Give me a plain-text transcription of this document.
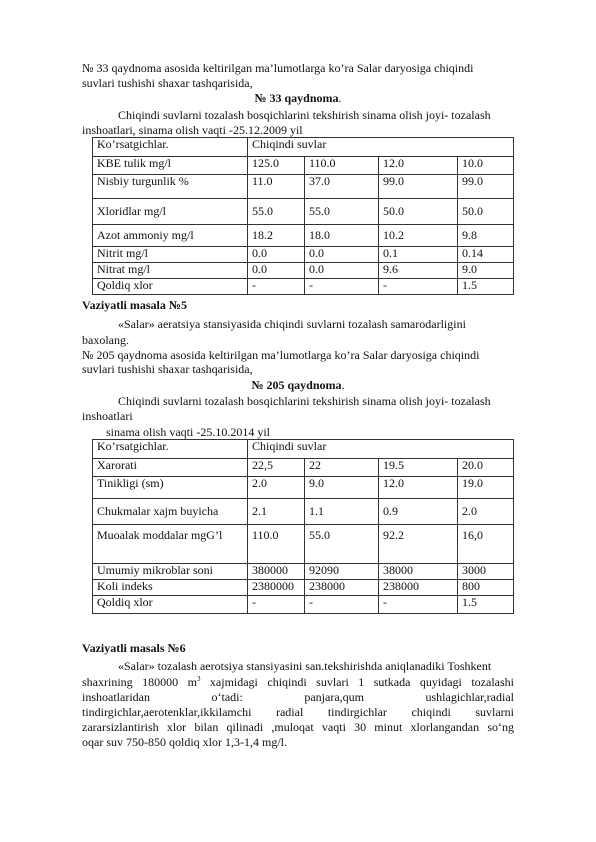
№ 33 qaydnoma asosida keltirilgan ma’lumotlarga ko’ra Salar daryosiga chiqindi
suvlari tushishi shaxar tashqarisida,
№ 33 qaydnoma.
Chiqindi suvlarni tozalash bosqichlarini tekshirish sinama olish joyi- tozalash
inshoatlari, sinama olish vaqti -25.12.2009 yil
Ko’rsatgichlar.	Chiqindi suvlar			
KBE tulik mg/l	125.0	110.0	12.0	10.0
Nisbiy turgunlik %	11.0	37.0	99.0	99.0
Xloridlar mg/l	55.0	55.0	50.0	50.0
Azot ammoniy mg/l	18.2	18.0	10.2	9.8
Nitrit mg/l	0.0	0.0	0.1	0.14
Nitrat mg/l	0.0	0.0	9.6	9.0
Qoldiq xlor	-	-	-	1.5
Vaziyatli masala №5
«Salar» aeratsiya stansiyasida chiqindi suvlarni tozalash samarodarligini
baxolang.
№ 205 qaydnoma asosida keltirilgan ma’lumotlarga ko’ra Salar daryosiga chiqindi
suvlari tushishi shaxar tashqarisida,
№ 205 qaydnoma.
Chiqindi suvlarni tozalash bosqichlarini tekshirish sinama olish joyi- tozalash
inshoatlari
sinama olish vaqti -25.10.2014 yil
Ko’rsatgichlar.	Chiqindi suvlar			
Xarorati	22,5	22	19.5	20.0
Tinikligi (sm)	2.0	9.0	12.0	19.0
Chukmalar xajm buyicha	2.1	1.1	0.9	2.0
Muoalak moddalar mgG’l	110.0	55.0	92.2	16,0
Umumiy mikroblar soni	380000	92090	38000	3000
Koli indeks	2380000	238000	238000	800
Qoldiq xlor	-	-	-	1.5
Vaziyatli masals №6
«Salar» tozalash aerotsiya stansiyasini san.tekshirishda aniqlanadiki Toshkent
shaxrining 180000 $m^3$ xajmidagi chiqindi suvlari 1 sutkada quyidagi tozalashi
inshoatlaridan o‘tadi: panjara,qum ushlagichlar,radial
tindirgichlar,aerotenklar,ikkilamchi radial tindirgichlar chiqindi suvlarni
zararsizlantirish xlor bilan qilinadi ,muloqat vaqti 30 minut xlorlangandan so‘ng
oqar suv 750-850 qoldiq xlor 1,3-1,4 mg/l.
